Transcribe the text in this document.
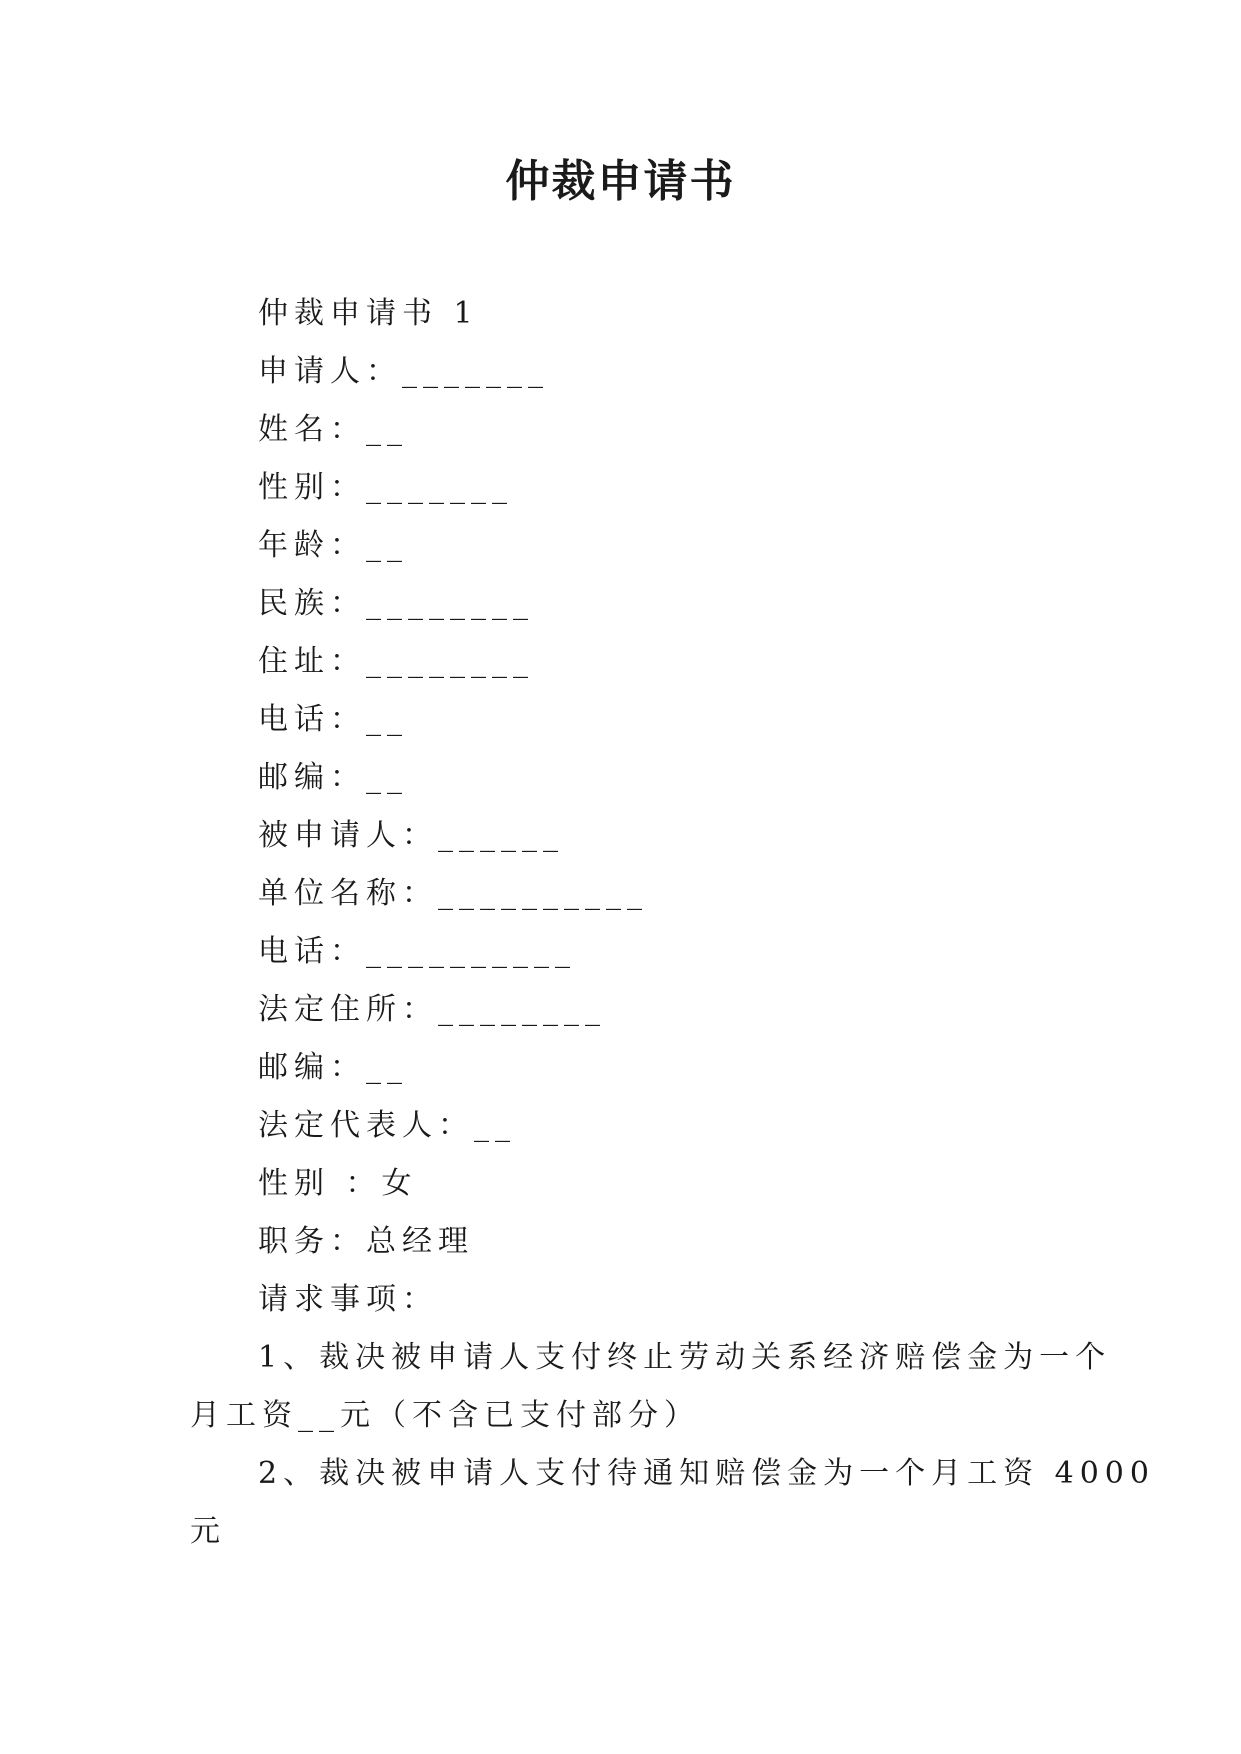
仲裁申请书
仲裁申请书 1
申请人：_______
姓名：__
性别：_______
年龄：__
民族：________
住址：________
电话：__
邮编：__
被申请人：______
单位名称：__________
电话：__________
法定住所：________
邮编：__
法定代表人：__
性别 ：女
职务：总经理
请求事项：
1、裁决被申请人支付终止劳动关系经济赔偿金为一个
月工资__元（不含已支付部分）
2、裁决被申请人支付待通知赔偿金为一个月工资 4000
元
